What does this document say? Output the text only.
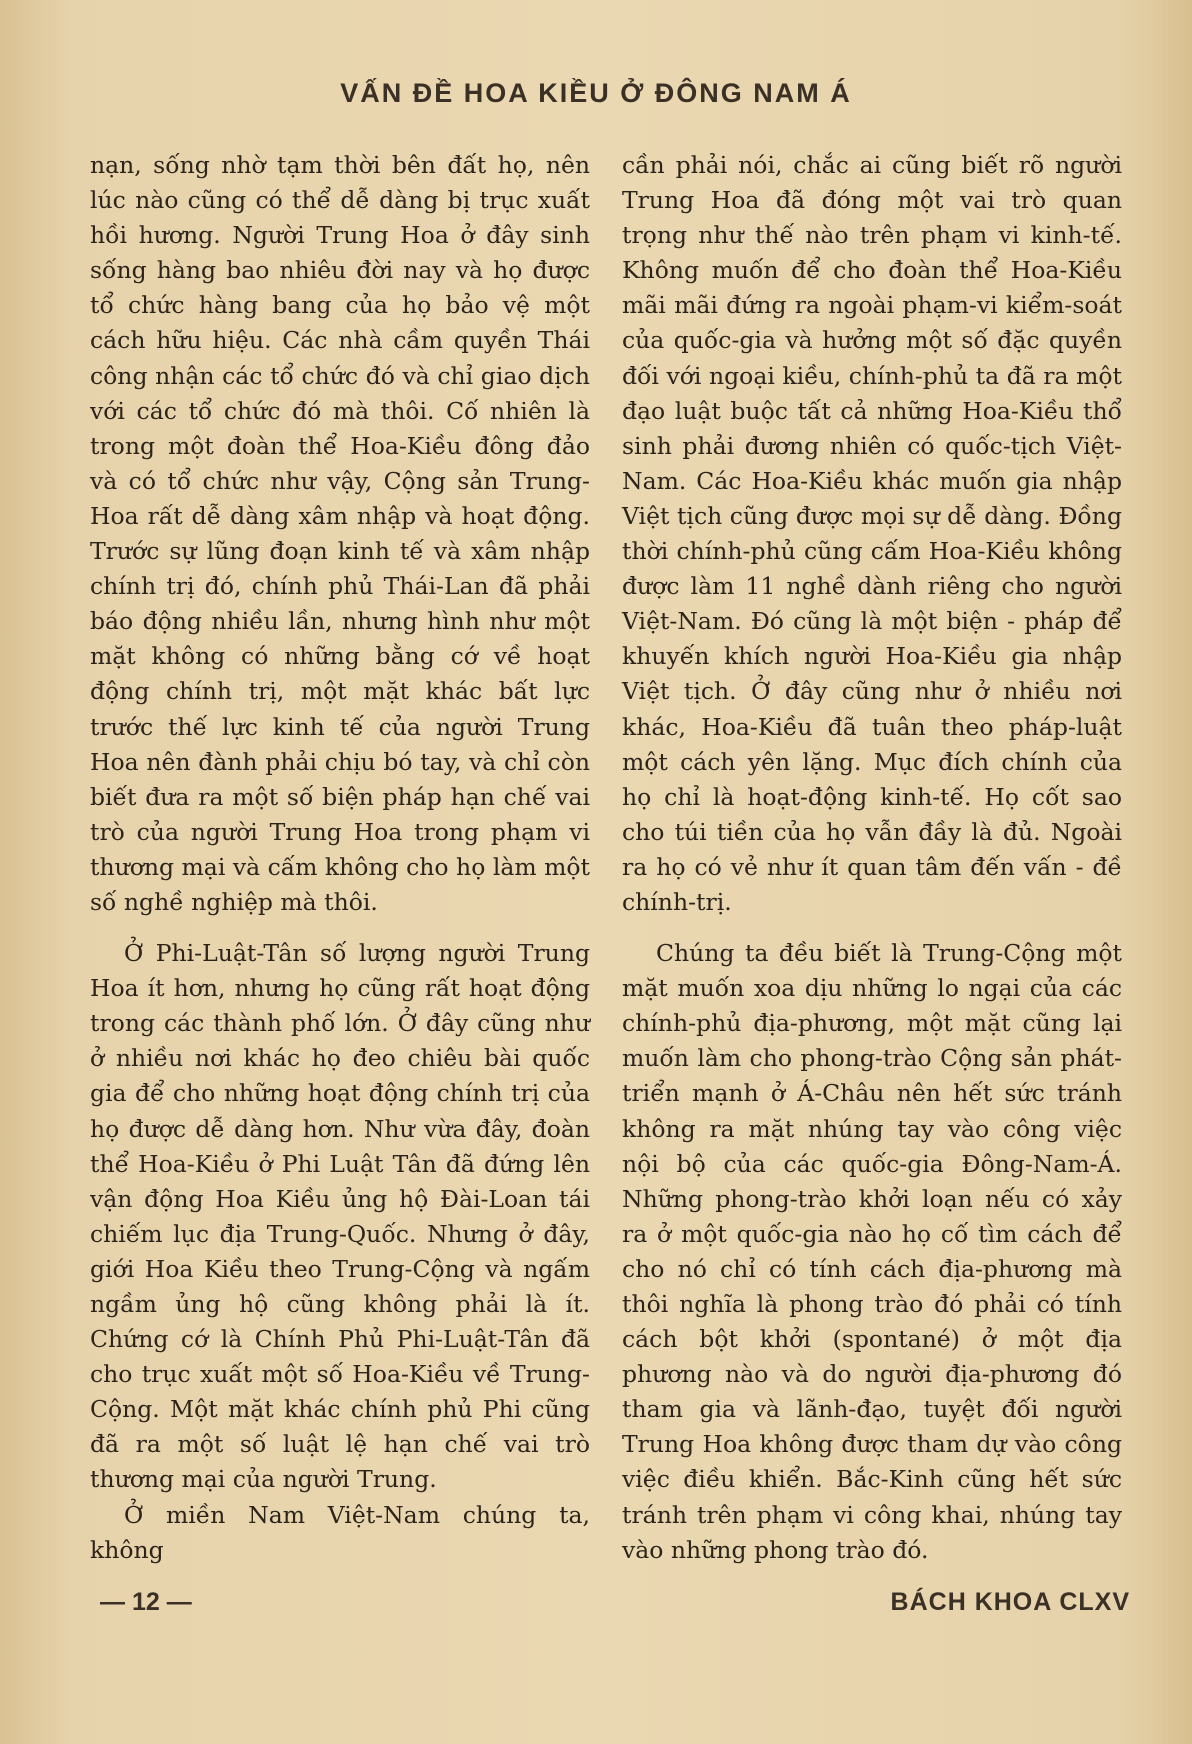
VẤN ĐỀ HOA KIỀU Ở ĐÔNG NAM Á

nạn, sống nhờ tạm thời bên đất họ, nên lúc nào cũng có thể dễ dàng bị trục xuất hồi hương. Người Trung Hoa ở đây sinh sống hàng bao nhiêu đời nay và họ được tổ chức hàng bang của họ bảo vệ một cách hữu hiệu. Các nhà cầm quyền Thái công nhận các tổ chức đó và chỉ giao dịch với các tổ chức đó mà thôi. Cố nhiên là trong một đoàn thể Hoa-Kiều đông đảo và có tổ chức như vậy, Cộng sản Trung-Hoa rất dễ dàng xâm nhập và hoạt động. Trước sự lũng đoạn kinh tế và xâm nhập chính trị đó, chính phủ Thái-Lan đã phải báo động nhiều lần, nhưng hình như một mặt không có những bằng cớ về hoạt động chính trị, một mặt khác bất lực trước thế lực kinh tế của người Trung Hoa nên đành phải chịu bó tay, và chỉ còn biết đưa ra một số biện pháp hạn chế vai trò của người Trung Hoa trong phạm vi thương mại và cấm không cho họ làm một số nghề nghiệp mà thôi.

Ở Phi-Luật-Tân số lượng người Trung Hoa ít hơn, nhưng họ cũng rất hoạt động trong các thành phố lớn. Ở đây cũng như ở nhiều nơi khác họ đeo chiêu bài quốc gia để cho những hoạt động chính trị của họ được dễ dàng hơn. Như vừa đây, đoàn thể Hoa-Kiều ở Phi Luật Tân đã đứng lên vận động Hoa Kiều ủng hộ Đài-Loan tái chiếm lục địa Trung-Quốc. Nhưng ở đây, giới Hoa Kiều theo Trung-Cộng và ngấm ngầm ủng hộ cũng không phải là ít. Chứng cớ là Chính Phủ Phi-Luật-Tân đã cho trục xuất một số Hoa-Kiều về Trung-Cộng. Một mặt khác chính phủ Phi cũng đã ra một số luật lệ hạn chế vai trò thương mại của người Trung.

Ở miền Nam Việt-Nam chúng ta, không

cần phải nói, chắc ai cũng biết rõ người Trung Hoa đã đóng một vai trò quan trọng như thế nào trên phạm vi kinh-tế. Không muốn để cho đoàn thể Hoa-Kiều mãi mãi đứng ra ngoài phạm-vi kiểm-soát của quốc-gia và hưởng một số đặc quyền đối với ngoại kiều, chính-phủ ta đã ra một đạo luật buộc tất cả những Hoa-Kiều thổ sinh phải đương nhiên có quốc-tịch Việt-Nam. Các Hoa-Kiều khác muốn gia nhập Việt tịch cũng được mọi sự dễ dàng. Đồng thời chính-phủ cũng cấm Hoa-Kiều không được làm 11 nghề dành riêng cho người Việt-Nam. Đó cũng là một biện - pháp để khuyến khích người Hoa-Kiều gia nhập Việt tịch. Ở đây cũng như ở nhiều nơi khác, Hoa-Kiều đã tuân theo pháp-luật một cách yên lặng. Mục đích chính của họ chỉ là hoạt-động kinh-tế. Họ cốt sao cho túi tiền của họ vẫn đầy là đủ. Ngoài ra họ có vẻ như ít quan tâm đến vấn - đề chính-trị.

Chúng ta đều biết là Trung-Cộng một mặt muốn xoa dịu những lo ngại của các chính-phủ địa-phương, một mặt cũng lại muốn làm cho phong-trào Cộng sản phát-triển mạnh ở Á-Châu nên hết sức tránh không ra mặt nhúng tay vào công việc nội bộ của các quốc-gia Đông-Nam-Á. Những phong-trào khởi loạn nếu có xảy ra ở một quốc-gia nào họ cố tìm cách để cho nó chỉ có tính cách địa-phương mà thôi nghĩa là phong trào đó phải có tính cách bột khởi (spontané) ở một địa phương nào và do người địa-phương đó tham gia và lãnh-đạo, tuyệt đối người Trung Hoa không được tham dự vào công việc điều khiển. Bắc-Kinh cũng hết sức tránh trên phạm vi công khai, nhúng tay vào những phong trào đó.

— 12 —	BÁCH KHOA CLXV
